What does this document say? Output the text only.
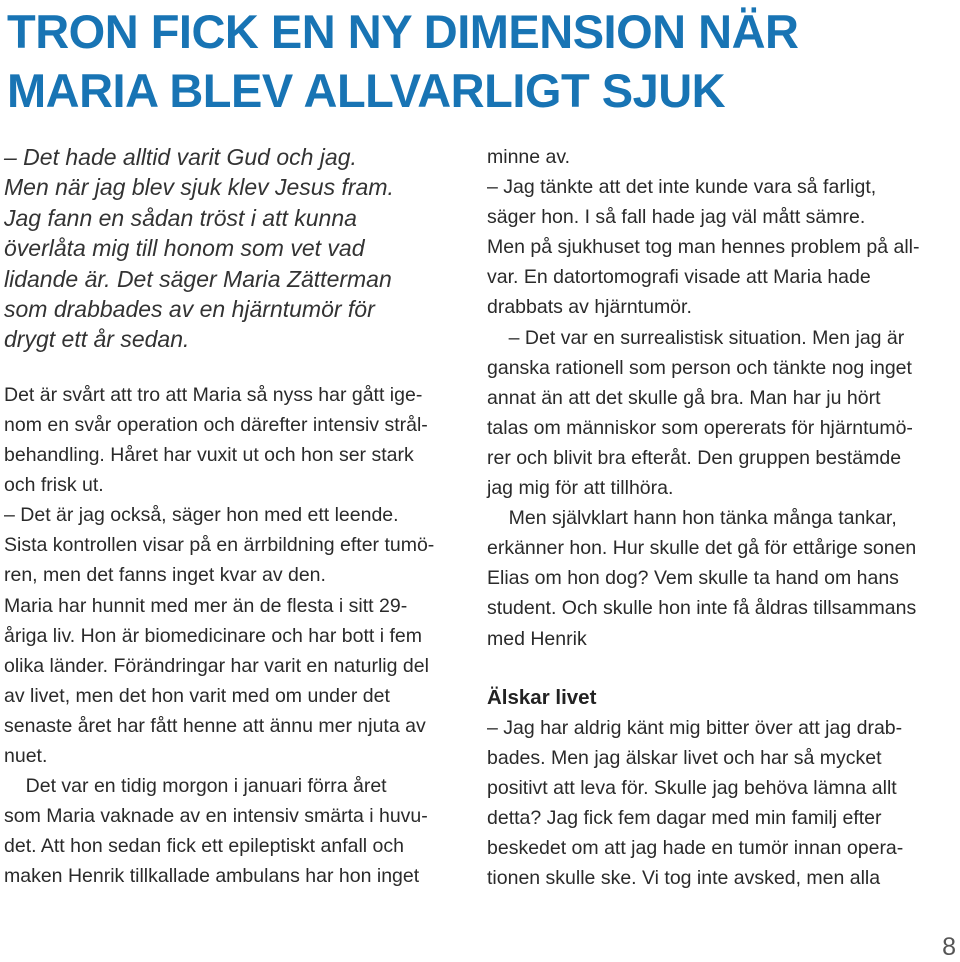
TRON FICK EN NY DIMENSION NÄR
MARIA BLEV ALLVARLIGT SJUK
– Det hade alltid varit Gud och jag.
Men när jag blev sjuk klev Jesus fram.
Jag fann en sådan tröst i att kunna
överlåta mig till honom som vet vad
lidande är. Det säger Maria Zätterman
som drabbades av en hjärntumör för
drygt ett år sedan.
Det är svårt att tro att Maria så nyss har gått ige-
nom en svår operation och därefter intensiv strål-
behandling. Håret har vuxit ut och hon ser stark
och frisk ut.
– Det är jag också, säger hon med ett leende.
Sista kontrollen visar på en ärrbildning efter tumö-
ren, men det fanns inget kvar av den.
Maria har hunnit med mer än de flesta i sitt 29-
åriga liv. Hon är biomedicinare och har bott i fem
olika länder. Förändringar har varit en naturlig del
av livet, men det hon varit med om under det
senaste året har fått henne att ännu mer njuta av
nuet.
Det var en tidig morgon i januari förra året
som Maria vaknade av en intensiv smärta i huvu-
det. Att hon sedan fick ett epileptiskt anfall och
maken Henrik tillkallade ambulans har hon inget
minne av.
– Jag tänkte att det inte kunde vara så farligt,
säger hon. I så fall hade jag väl mått sämre.
Men på sjukhuset tog man hennes problem på all-
var. En datortomografi visade att Maria hade
drabbats av hjärntumör.
– Det var en surrealistisk situation. Men jag är
ganska rationell som person och tänkte nog inget
annat än att det skulle gå bra. Man har ju hört
talas om människor som opererats för hjärntumö-
rer och blivit bra efteråt. Den gruppen bestämde
jag mig för att tillhöra.
Men självklart hann hon tänka många tankar,
erkänner hon. Hur skulle det gå för ettårige sonen
Elias om hon dog? Vem skulle ta hand om hans
student. Och skulle hon inte få åldras tillsammans
med Henrik
Älskar livet
– Jag har aldrig känt mig bitter över att jag drab-
bades. Men jag älskar livet och har så mycket
positivt att leva för. Skulle jag behöva lämna allt
detta? Jag fick fem dagar med min familj efter
beskedet om att jag hade en tumör innan opera-
tionen skulle ske. Vi tog inte avsked, men alla
8
